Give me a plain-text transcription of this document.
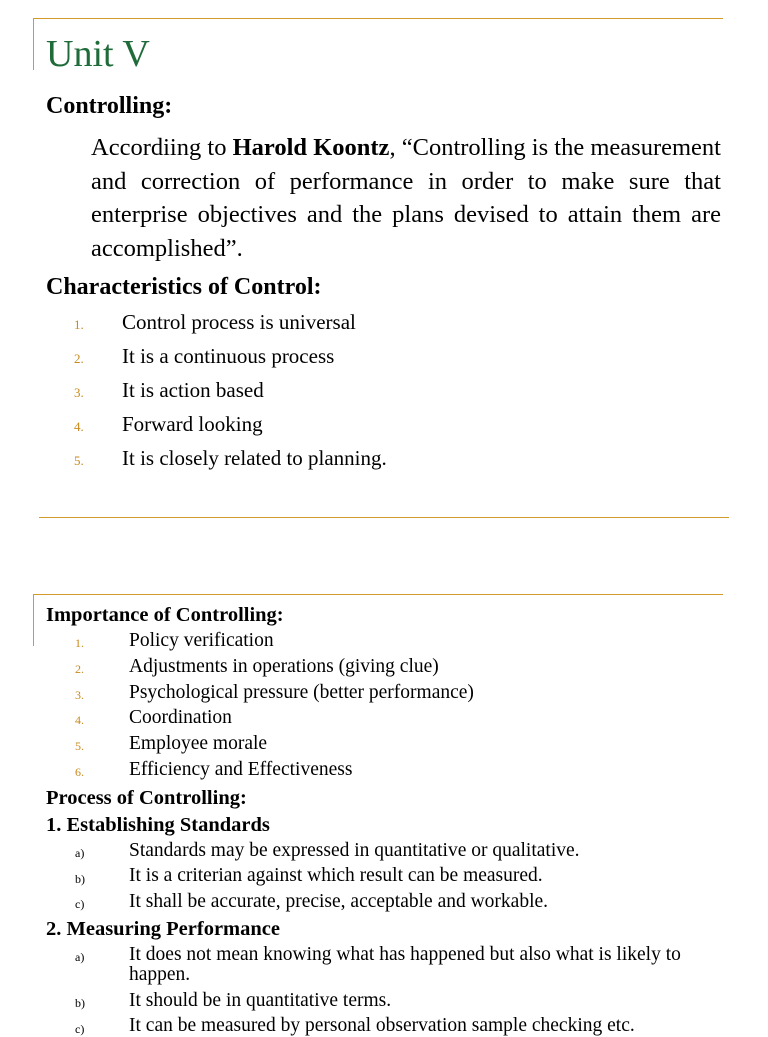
Unit V
Controlling:
Accordiing to Harold Koontz, “Controlling is the measurement and correction of performance in order to make sure that enterprise objectives and the plans devised to attain them are accomplished”.
Characteristics of Control:
1. Control process is universal
2. It is a continuous process
3. It is action based
4. Forward looking
5. It is closely related to planning.
Importance of Controlling:
1. Policy verification
2. Adjustments in operations (giving clue)
3. Psychological pressure (better performance)
4. Coordination
5. Employee morale
6. Efficiency and Effectiveness
Process of Controlling:
1. Establishing Standards
a) Standards may be expressed in quantitative or qualitative.
b) It is a criterian against which result can be measured.
c) It shall be accurate, precise, acceptable and workable.
2. Measuring Performance
a) It does not mean knowing what has happened but also what is likely to happen.
b) It should be in quantitative terms.
c) It can be measured by personal observation sample checking etc.
